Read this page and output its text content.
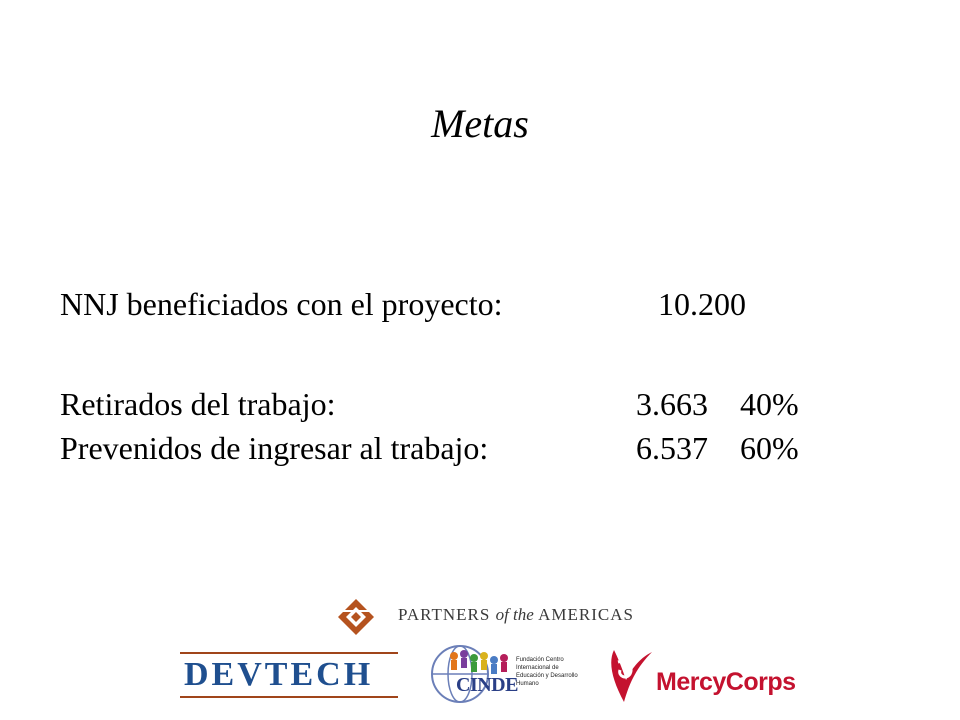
Metas
NNJ beneficiados con el proyecto:	10.200
Retirados del trabajo:	3.663 40%
Prevenidos de ingresar al trabajo:	6.537 60%
PARTNERS of the AMERICAS
DEVTECH	CINDE
Fundación Centro Internacional de Educación y Desarrollo Humano	MercyCorps
